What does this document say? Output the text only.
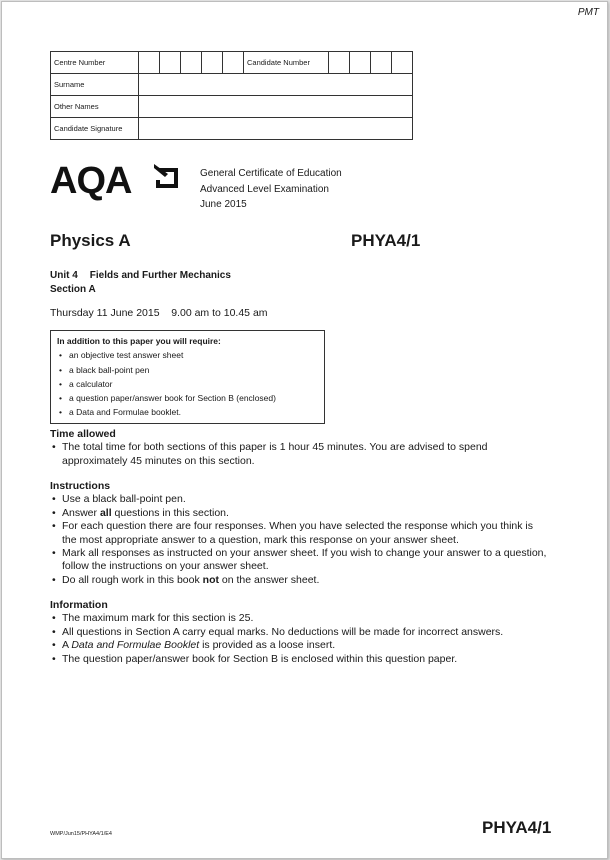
PMT
Centre Number						Candidate Number				
Surname										
Other Names										
Candidate Signature										
AQA	General Certificate of Education
Advanced Level Examination
June 2015
Physics A	PHYA4/1
Unit 4 Fields and Further Mechanics
Section A
Thursday 11 June 2015    9.00 am to 10.45 am
In addition to this paper you will require:
• an objective test answer sheet
• a black ball-point pen
• a calculator
• a question paper/answer book for Section B (enclosed)
• a Data and Formulae booklet.
Time allowed
• The total time for both sections of this paper is 1 hour 45 minutes. You are advised to spend approximately 45 minutes on this section.
Instructions
• Use a black ball-point pen.
• Answer all questions in this section.
• For each question there are four responses. When you have selected the response which you think is the most appropriate answer to a question, mark this response on your answer sheet.
• Mark all responses as instructed on your answer sheet. If you wish to change your answer to a question, follow the instructions on your answer sheet.
• Do all rough work in this book not on the answer sheet.
Information
• The maximum mark for this section is 25.
• All questions in Section A carry equal marks. No deductions will be made for incorrect answers.
• A Data and Formulae Booklet is provided as a loose insert.
• The question paper/answer book for Section B is enclosed within this question paper.
WMP/Jun15/PHYA4/1/E4	PHYA4/1
